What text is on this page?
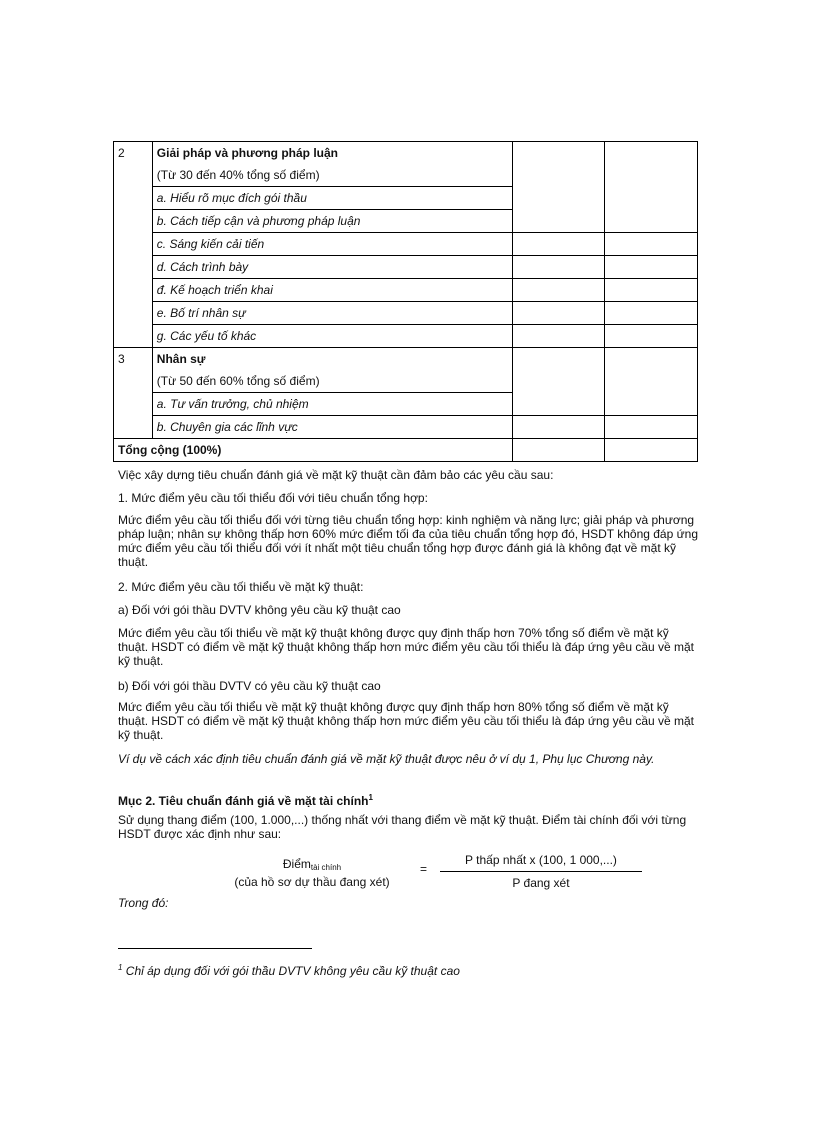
2	Giải pháp và phương pháp luận		
	(Từ 30 đến 40% tổng số điểm)		
	a. Hiểu rõ mục đích gói thầu		
	b. Cách tiếp cận và phương pháp luận		
	c. Sáng kiến cải tiến		
	d. Cách trình bày		
	đ. Kế hoạch triển khai		
	e. Bố trí nhân sự		
	g. Các yếu tố khác		
3	Nhân sự		
	(Từ 50 đến 60% tổng số điểm)		
	a. Tư vấn trưởng, chủ nhiệm		
	b. Chuyên gia các lĩnh vực		
Tổng cộng (100%)			

Việc xây dựng tiêu chuẩn đánh giá về mặt kỹ thuật cần đảm bảo các yêu cầu sau:

1. Mức điểm yêu cầu tối thiểu đối với tiêu chuẩn tổng hợp:

Mức điểm yêu cầu tối thiểu đối với từng tiêu chuẩn tổng hợp: kinh nghiệm và năng lực; giải pháp và phương pháp luận; nhân sự không thấp hơn 60% mức điểm tối đa của tiêu chuẩn tổng hợp đó, HSDT không đáp ứng mức điểm yêu cầu tối thiểu đối với ít nhất một tiêu chuẩn tổng hợp được đánh giá là không đạt về mặt kỹ thuật.

2. Mức điểm yêu cầu tối thiểu về mặt kỹ thuật:

a) Đối với gói thầu DVTV không yêu cầu kỹ thuật cao

Mức điểm yêu cầu tối thiểu về mặt kỹ thuật không được quy định thấp hơn 70% tổng số điểm về mặt kỹ thuật. HSDT có điểm về mặt kỹ thuật không thấp hơn mức điểm yêu cầu tối thiểu là đáp ứng yêu cầu về mặt kỹ thuật.

b) Đối với gói thầu DVTV có yêu cầu kỹ thuật cao

Mức điểm yêu cầu tối thiểu về mặt kỹ thuật không được quy định thấp hơn 80% tổng số điểm về mặt kỹ thuật. HSDT có điểm về mặt kỹ thuật không thấp hơn mức điểm yêu cầu tối thiểu là đáp ứng yêu cầu về mặt kỹ thuật.

Ví dụ về cách xác định tiêu chuẩn đánh giá về mặt kỹ thuật được nêu ở ví dụ 1, Phụ lục Chương này.

Mục 2. Tiêu chuẩn đánh giá về mặt tài chính$^1$

Sử dụng thang điểm (100, 1.000,...) thống nhất với thang điểm về mặt kỹ thuật. Điểm tài chính đối với từng HSDT được xác định như sau:

Điểm$_{tài chính}$
(của hồ sơ dự thầu đang xét)
=
P thấp nhất x (100, 1 000,...)
P đang xét

Trong đó:

$^1$ Chỉ áp dụng đối với gói thầu DVTV không yêu cầu kỹ thuật cao
